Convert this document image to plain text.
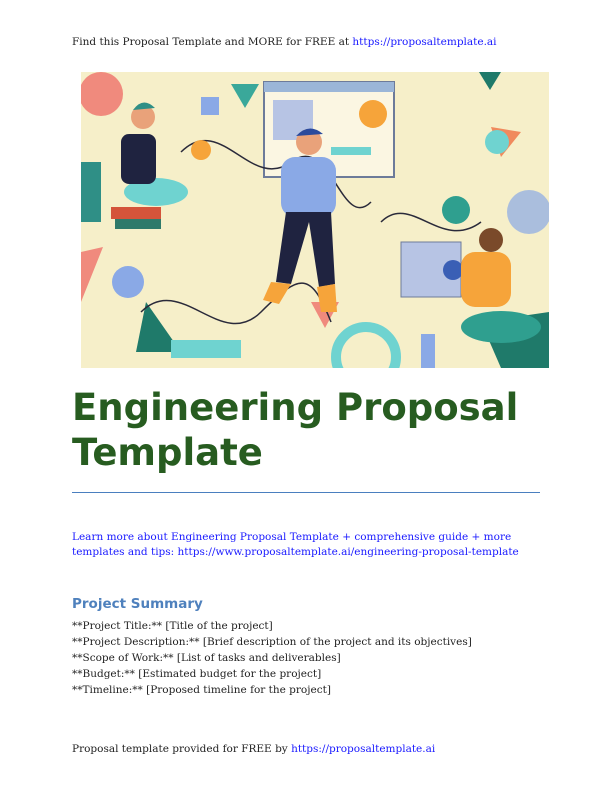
Find this Proposal Template and MORE for FREE at https://proposaltemplate.ai
Engineering Proposal Template

Learn more about Engineering Proposal Template + comprehensive guide + more templates and tips: https://www.proposaltemplate.ai/engineering-proposal-template

Project Summary
**Project Title:** [Title of the project]
**Project Description:** [Brief description of the project and its objectives]
**Scope of Work:** [List of tasks and deliverables]
**Budget:** [Estimated budget for the project]
**Timeline:** [Proposed timeline for the project]
Proposal template provided for FREE by https://proposaltemplate.ai
